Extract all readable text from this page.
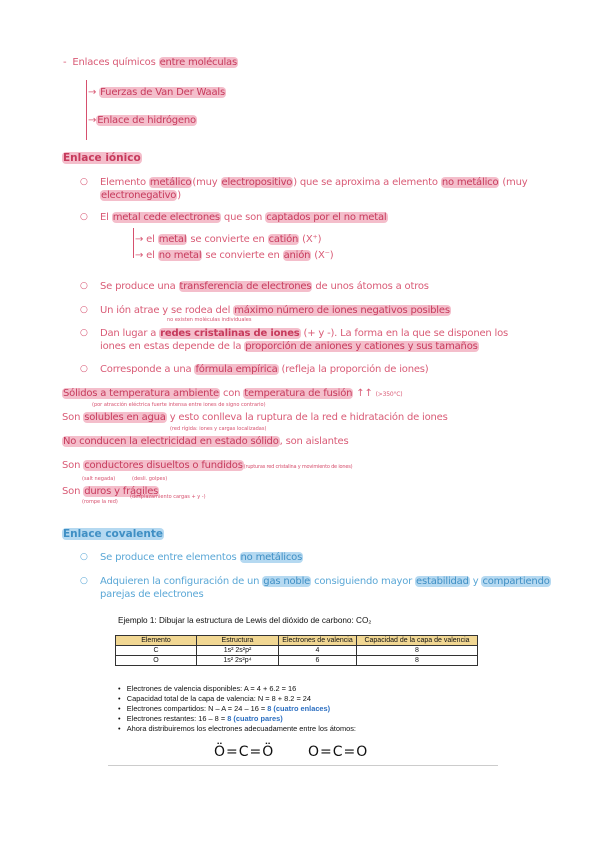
- Enlaces químicos entre moléculas
→ Fuerzas de Van Der Waals
→Enlace de hidrógeno
Enlace iónico
○ Elemento metálico(muy electropositivo) que se aproxima a elemento no metálico (muy
electronegativo)
○ El metal cede electrones que son captados por el no metal
→ el metal se convierte en catión (X⁺)
→ el no metal se convierte en anión (X⁻)
○ Se produce una transferencia de electrones de unos átomos a otros
○ Un ión atrae y se rodea del máximo número de iones negativos posibles
no existen moléculas individuales
○ Dan lugar a redes cristalinas de iones (+ y -). La forma en la que se disponen los
iones en estas depende de la proporción de aniones y cationes y sus tamaños
○ Corresponde a una fórmula empírica (refleja la proporción de iones)
Sólidos a temperatura ambiente con temperatura de fusión ↑↑ (>350°C)
(por atracción eléctrica fuerte intensa entre iones de signo contrario)
Son solubles en agua y esto conlleva la ruptura de la red e hidratación de iones
(red rígida: iones y cargas localizadas)
No conducen la electricidad en estado sólido, son aislantes
Son conductores disueltos o fundidos(rupturas red cristalina y movimiento de iones)
(salt negada)	(desli. golpes)
Son duros y frágiles
(rompe la red)
(desplazamiento cargas + y -)
Enlace covalente
○ Se produce entre elementos no metálicos
○ Adquieren la configuración de un gas noble consiguiendo mayor estabilidad y compartiendo
parejas de electrones
Ejemplo 1: Dibujar la estructura de Lewis del dióxido de carbono: CO₂
Elemento	Estructura	Electrones de valencia	Capacidad de la capa de valencia
C	1s² 2s²p²	4	8
O	1s² 2s²p⁴	6	8
•   Electrones de valencia disponibles: A = 4 + 6.2 = 16
•   Capacidad total de la capa de valencia: N = 8 + 8.2 = 24
•   Electrones compartidos: N – A = 24 – 16 = 8 (cuatro enlaces)
•   Electrones restantes: 16 – 8 = 8 (cuatro pares)
•   Ahora distribuiremos los electrones adecuadamente entre los átomos:
Ö=C=Ö O=C=O
